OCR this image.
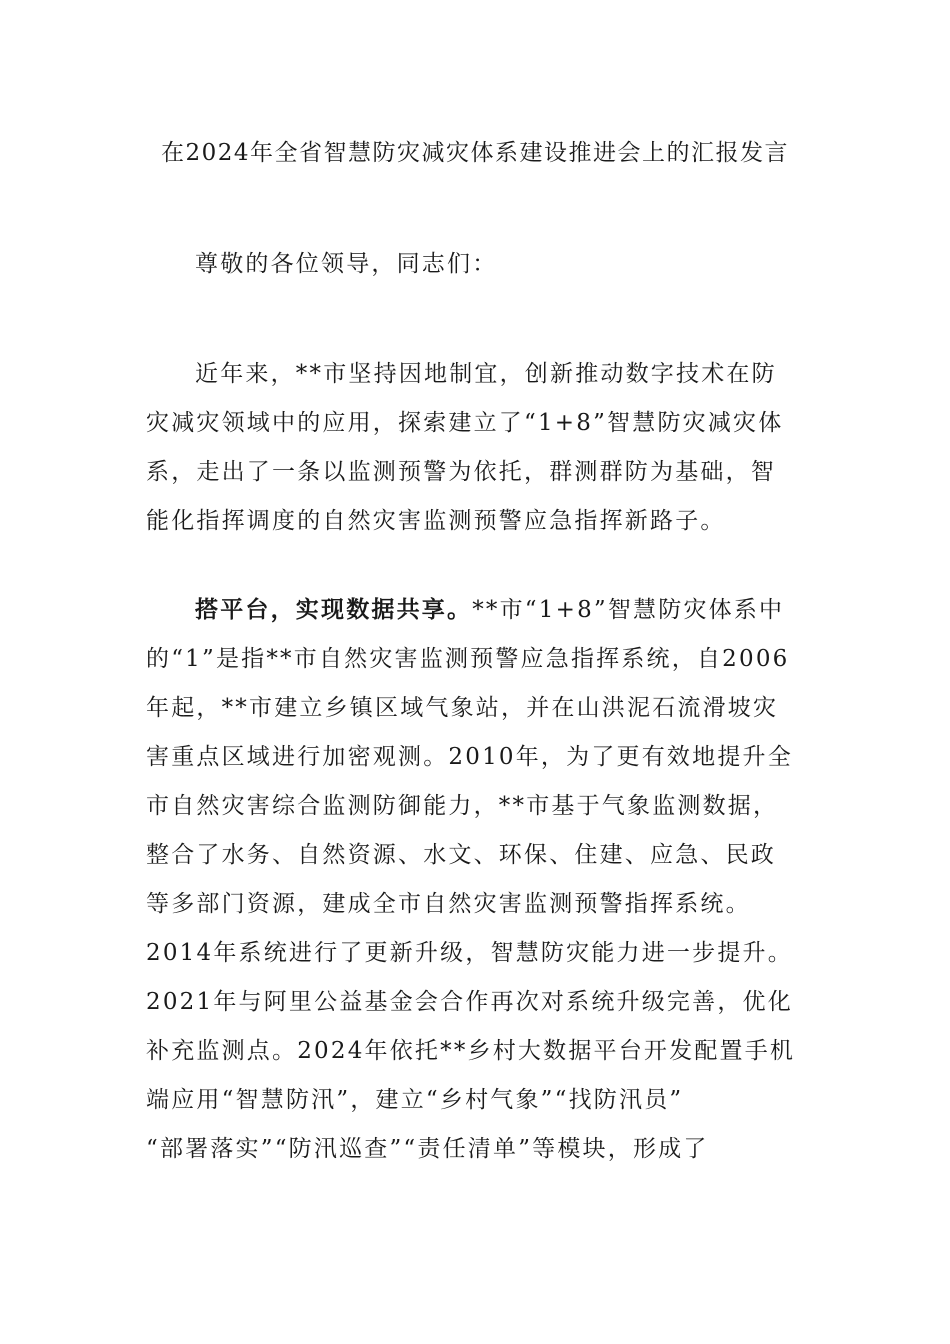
在2024年全省智慧防灾减灾体系建设推进会上的汇报发言
尊敬的各位领导，同志们：
近年来，**市坚持因地制宜，创新推动数字技术在防
灾减灾领域中的应用，探索建立了“1+8”智慧防灾减灾体
系，走出了一条以监测预警为依托，群测群防为基础，智
能化指挥调度的自然灾害监测预警应急指挥新路子。
搭平台，实现数据共享。**市“1+8”智慧防灾体系中
的“1”是指**市自然灾害监测预警应急指挥系统，自2006
年起，**市建立乡镇区域气象站，并在山洪泥石流滑坡灾
害重点区域进行加密观测。2010年，为了更有效地提升全
市自然灾害综合监测防御能力，**市基于气象监测数据，
整合了水务、自然资源、水文、环保、住建、应急、民政
等多部门资源，建成全市自然灾害监测预警指挥系统。
2014年系统进行了更新升级，智慧防灾能力进一步提升。
2021年与阿里公益基金会合作再次对系统升级完善，优化
补充监测点。2024年依托**乡村大数据平台开发配置手机
端应用“智慧防汛”，建立“乡村气象”“找防汛员”
“部署落实”“防汛巡查”“责任清单”等模块，形成了
